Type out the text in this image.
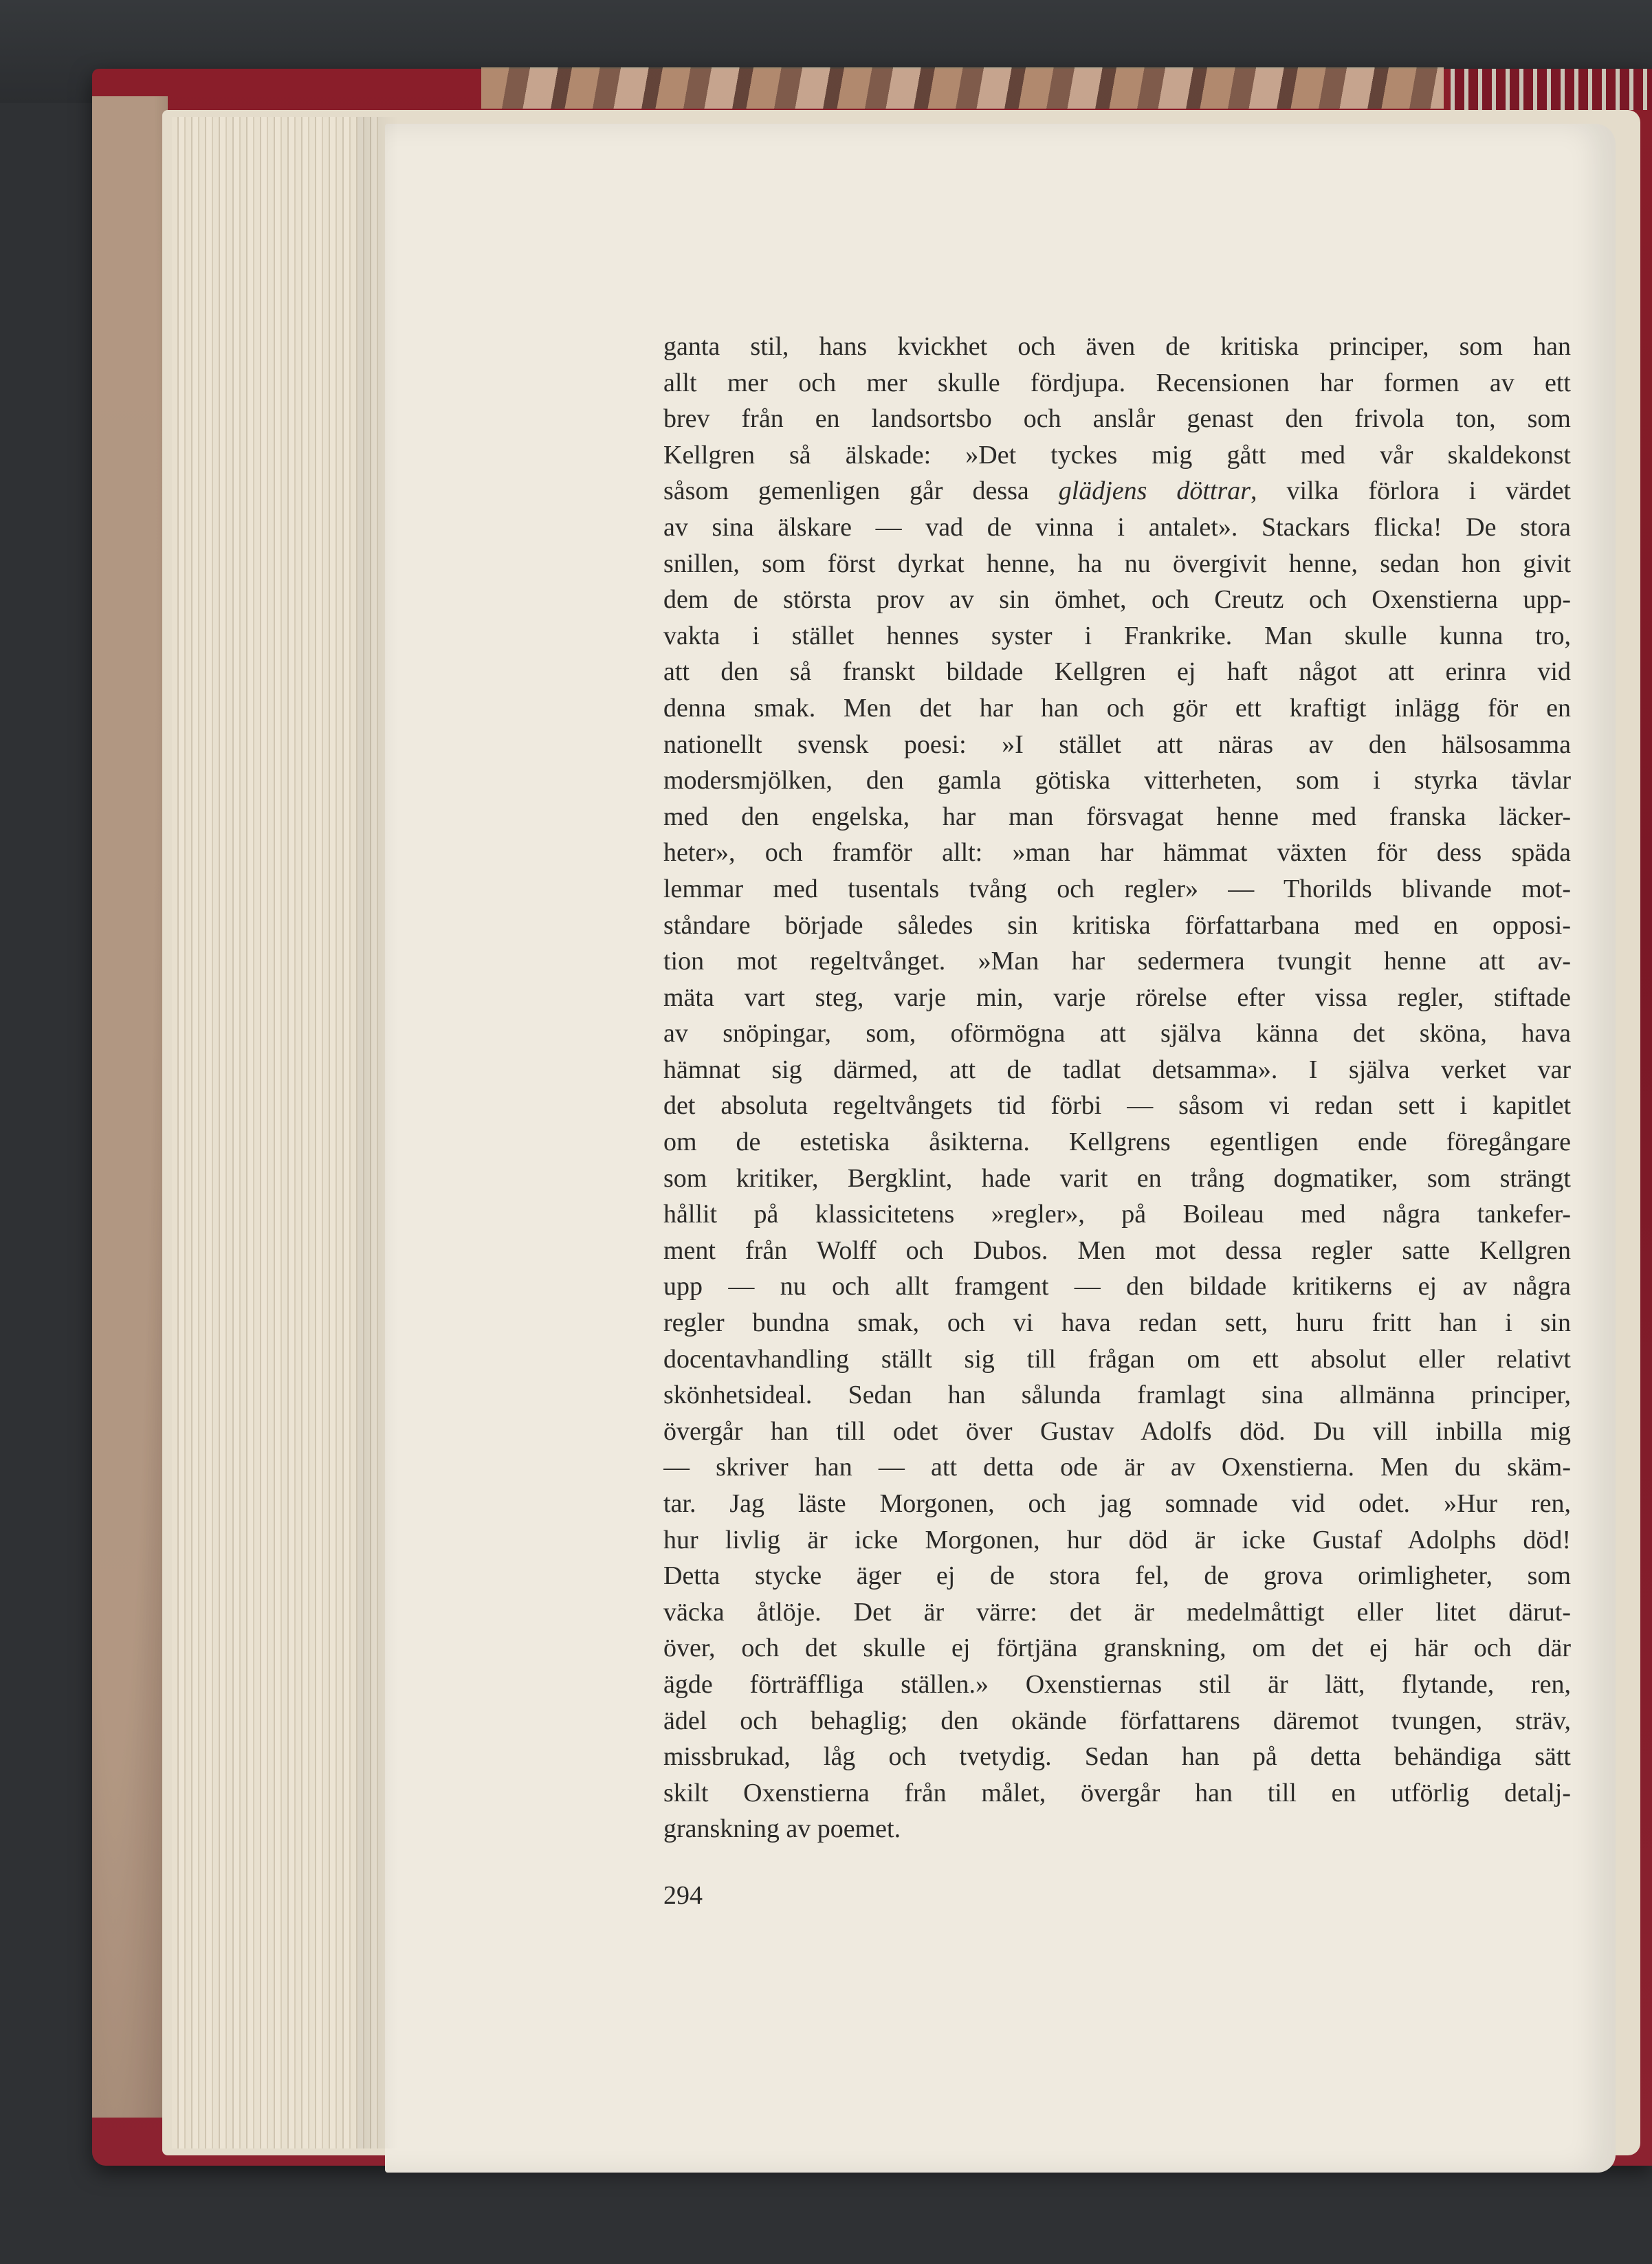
ganta stil, hans kvickhet och även de kritiska principer, som han
allt mer och mer skulle fördjupa. Recensionen har formen av ett
brev från en landsortsbo och anslår genast den frivola ton, som
Kellgren så älskade: »Det tyckes mig gått med vår skaldekonst
såsom gemenligen går dessa glädjens döttrar, vilka förlora i värdet
av sina älskare — vad de vinna i antalet». Stackars flicka! De stora
snillen, som först dyrkat henne, ha nu övergivit henne, sedan hon givit
dem de största prov av sin ömhet, och Creutz och Oxenstierna upp-
vakta i stället hennes syster i Frankrike. Man skulle kunna tro,
att den så franskt bildade Kellgren ej haft något att erinra vid
denna smak. Men det har han och gör ett kraftigt inlägg för en
nationellt svensk poesi: »I stället att näras av den hälsosamma
modersmjölken, den gamla götiska vitterheten, som i styrka tävlar
med den engelska, har man försvagat henne med franska läcker-
heter», och framför allt: »man har hämmat växten för dess späda
lemmar med tusentals tvång och regler» — Thorilds blivande mot-
ståndare började således sin kritiska författarbana med en opposi-
tion mot regeltvånget. »Man har sedermera tvungit henne att av-
mäta vart steg, varje min, varje rörelse efter vissa regler, stiftade
av snöpingar, som, oförmögna att själva känna det sköna, hava
hämnat sig därmed, att de tadlat detsamma». I själva verket var
det absoluta regeltvångets tid förbi — såsom vi redan sett i kapitlet
om de estetiska åsikterna. Kellgrens egentligen ende föregångare
som kritiker, Bergklint, hade varit en trång dogmatiker, som strängt
hållit på klassicitetens »regler», på Boileau med några tankefer-
ment från Wolff och Dubos. Men mot dessa regler satte Kellgren
upp — nu och allt framgent — den bildade kritikerns ej av några
regler bundna smak, och vi hava redan sett, huru fritt han i sin
docentavhandling ställt sig till frågan om ett absolut eller relativt
skönhetsideal. Sedan han sålunda framlagt sina allmänna principer,
övergår han till odet över Gustav Adolfs död. Du vill inbilla mig
— skriver han — att detta ode är av Oxenstierna. Men du skäm-
tar. Jag läste Morgonen, och jag somnade vid odet. »Hur ren,
hur livlig är icke Morgonen, hur död är icke Gustaf Adolphs död!
Detta stycke äger ej de stora fel, de grova orimligheter, som
väcka åtlöje. Det är värre: det är medelmåttigt eller litet därut-
över, och det skulle ej förtjäna granskning, om det ej här och där
ägde förträffliga ställen.» Oxenstiernas stil är lätt, flytande, ren,
ädel och behaglig; den okände författarens däremot tvungen, sträv,
missbrukad, låg och tvetydig. Sedan han på detta behändiga sätt
skilt Oxenstierna från målet, övergår han till en utförlig detalj-
granskning av poemet.
294
